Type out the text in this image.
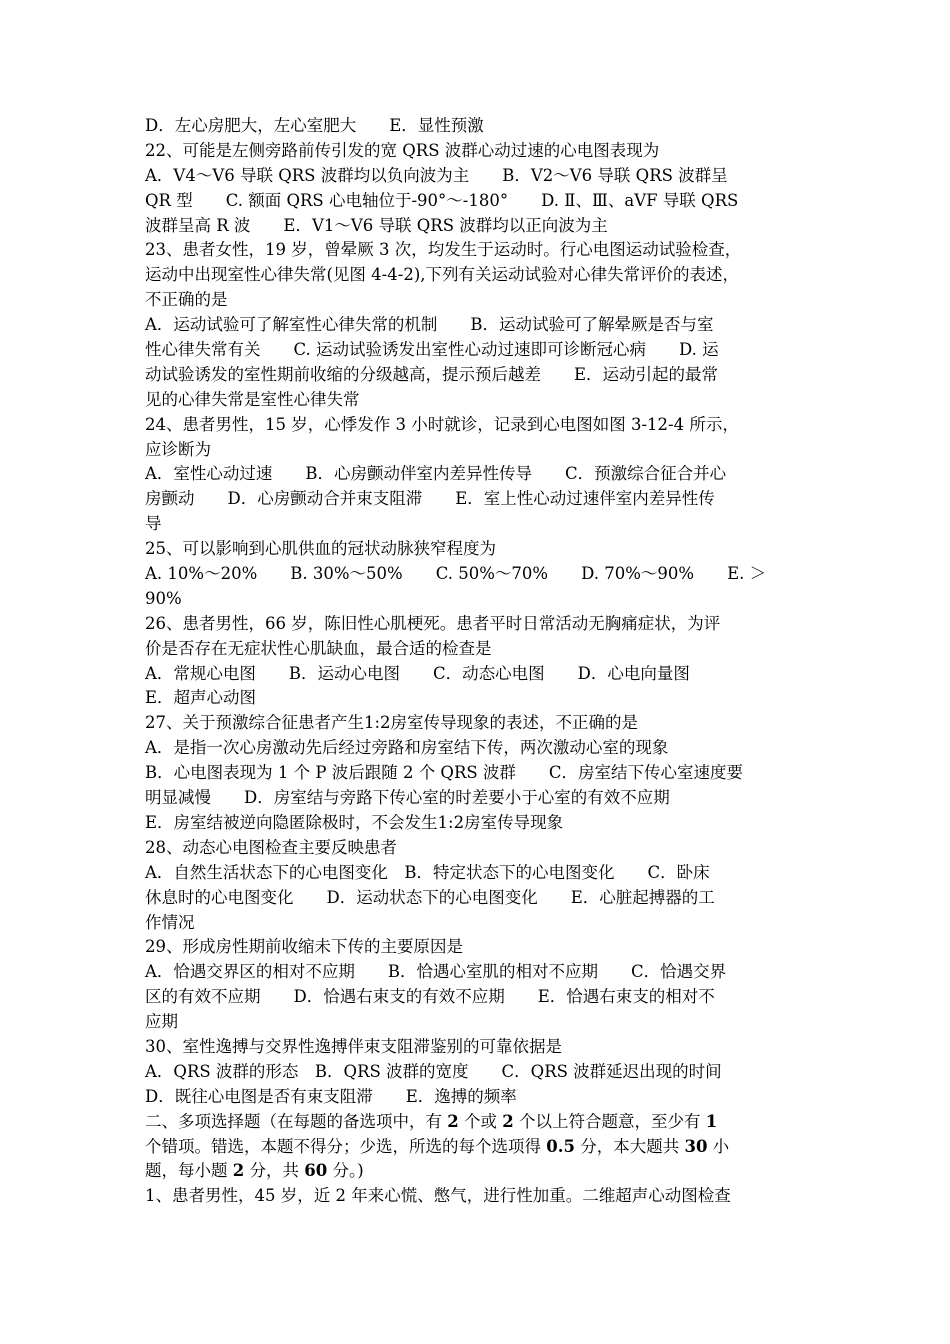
D．左心房肥大，左心室肥大　　E．显性预激
22、可能是左侧旁路前传引发的宽 QRS 波群心动过速的心电图表现为
A．V4～V6 导联 QRS 波群均以负向波为主　　B．V2～V6 导联 QRS 波群呈
QR 型　　C. 额面 QRS 心电轴位于-90°～-180°　　D. Ⅱ、Ⅲ、aVF 导联 QRS
波群呈高 R 波　　E．V1～V6 导联 QRS 波群均以正向波为主
23、患者女性，19 岁，曾晕厥 3 次，均发生于运动时。行心电图运动试验检查，
运动中出现室性心律失常(见图 4-4-2),下列有关运动试验对心律失常评价的表述，
不正确的是
A．运动试验可了解室性心律失常的机制　　B．运动试验可了解晕厥是否与室
性心律失常有关　　C. 运动试验诱发出室性心动过速即可诊断冠心病　　D. 运
动试验诱发的室性期前收缩的分级越高，提示预后越差　　E．运动引起的最常
见的心律失常是室性心律失常
24、患者男性，15 岁，心悸发作 3 小时就诊，记录到心电图如图 3-12-4 所示，
应诊断为
A．室性心动过速　　B．心房颤动伴室内差异性传导　　C．预激综合征合并心
房颤动　　D．心房颤动合并束支阻滞　　E．室上性心动过速伴室内差异性传
导
25、可以影响到心肌供血的冠状动脉狭窄程度为
A. 10%～20%　　B. 30%～50%　　C. 50%～70%　　D. 70%～90%　　E. ＞
90%
26、患者男性，66 岁，陈旧性心肌梗死。患者平时日常活动无胸痛症状，为评
价是否存在无症状性心肌缺血，最合适的检查是
A．常规心电图　　B．运动心电图　　C．动态心电图　　D．心电向量图
E．超声心动图
27、关于预激综合征患者产生1:2房室传导现象的表述，不正确的是
A．是指一次心房激动先后经过旁路和房室结下传，两次激动心室的现象
B．心电图表现为 1 个 P 波后跟随 2 个 QRS 波群　　C．房室结下传心室速度要
明显减慢　　D．房室结与旁路下传心室的时差要小于心室的有效不应期
E．房室结被逆向隐匿除极时，不会发生1:2房室传导现象
28、动态心电图检查主要反映患者
A．自然生活状态下的心电图变化　B．特定状态下的心电图变化　　C．卧床
休息时的心电图变化　　D．运动状态下的心电图变化　　E．心脏起搏器的工
作情况
29、形成房性期前收缩未下传的主要原因是
A．恰遇交界区的相对不应期　　B．恰遇心室肌的相对不应期　　C．恰遇交界
区的有效不应期　　D．恰遇右束支的有效不应期　　E．恰遇右束支的相对不
应期
30、室性逸搏与交界性逸搏伴束支阻滞鉴别的可靠依据是
A．QRS 波群的形态　B．QRS 波群的宽度　　C．QRS 波群延迟出现的时间
D．既往心电图是否有束支阻滞　　E．逸搏的频率
二、多项选择题（在每题的备选项中，有 2 个或 2 个以上符合题意，至少有 1
个错项。错选，本题不得分；少选，所选的每个选项得 0.5 分，本大题共 30 小
题，每小题 2 分，共 60 分。)
1、患者男性，45 岁，近 2 年来心慌、憋气，进行性加重。二维超声心动图检查
